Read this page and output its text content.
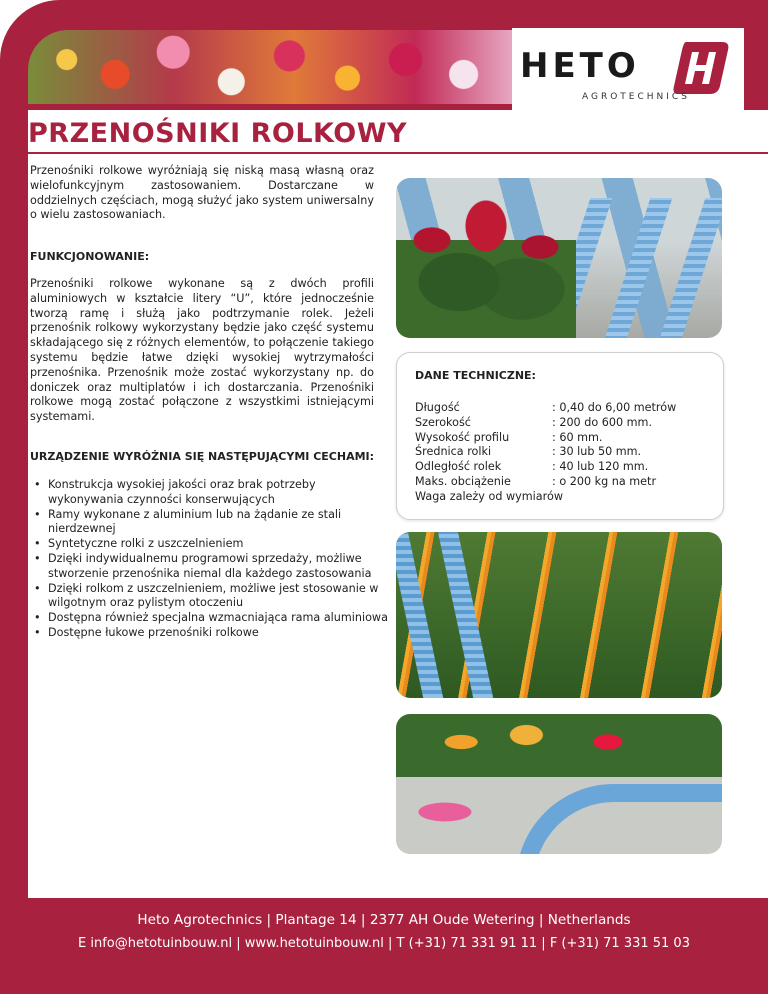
HETO
AGROTECHNICS
PRZENOŚNIKI ROLKOWY
Przenośniki rolkowe wyróżniają się niską masą własną oraz wielofunkcyjnym zastosowaniem. Dostarczane w oddzielnych częściach, mogą służyć jako system uniwersalny o wielu zastosowaniach.
FUNKCJONOWANIE:
Przenośniki rolkowe wykonane są z dwóch profili aluminiowych w kształcie litery “U”, które jednocześnie tworzą ramę i służą jako podtrzymanie rolek. Jeżeli przenośnik rolkowy wykorzystany będzie jako część systemu składającego się z różnych elementów, to połączenie takiego systemu będzie łatwe dzięki wysokiej wytrzymałości przenośnika. Przenośnik może zostać wykorzystany np. do doniczek oraz multiplatów i ich dostarczania. Przenośniki rolkowe mogą zostać połączone z wszystkimi istniejącymi systemami.
URZĄDZENIE WYRÓŻNIA SIĘ NASTĘPUJĄCYMI CECHAMI:
• Konstrukcja wysokiej jakości oraz brak potrzeby wykonywania czynności konserwujących
• Ramy wykonane z aluminium lub na żądanie ze stali nierdzewnej
• Syntetyczne rolki z uszczelnieniem
• Dzięki indywidualnemu programowi sprzedaży, możliwe stworzenie przenośnika niemal dla każdego zastosowania
• Dzięki rolkom z uszczelnieniem, możliwe jest stosowanie w wilgotnym oraz pylistym otoczeniu
• Dostępna również specjalna wzmacniająca rama aluminiowa
• Dostępne łukowe przenośniki rolkowe
DANE TECHNICZNE:
Długość	: 0,40 do 6,00 metrów
Szerokość	: 200 do 600 mm.
Wysokość profilu	: 60 mm.
Średnica rolki	: 30 lub 50 mm.
Odległość rolek	: 40 lub 120 mm.
Maks. obciążenie	: o 200 kg na metr
Waga zależy od wymiarów
Heto Agrotechnics | Plantage 14 | 2377 AH Oude Wetering | Netherlands
E info@hetotuinbouw.nl | www.hetotuinbouw.nl | T (+31) 71 331 91 11 | F (+31) 71 331 51 03
